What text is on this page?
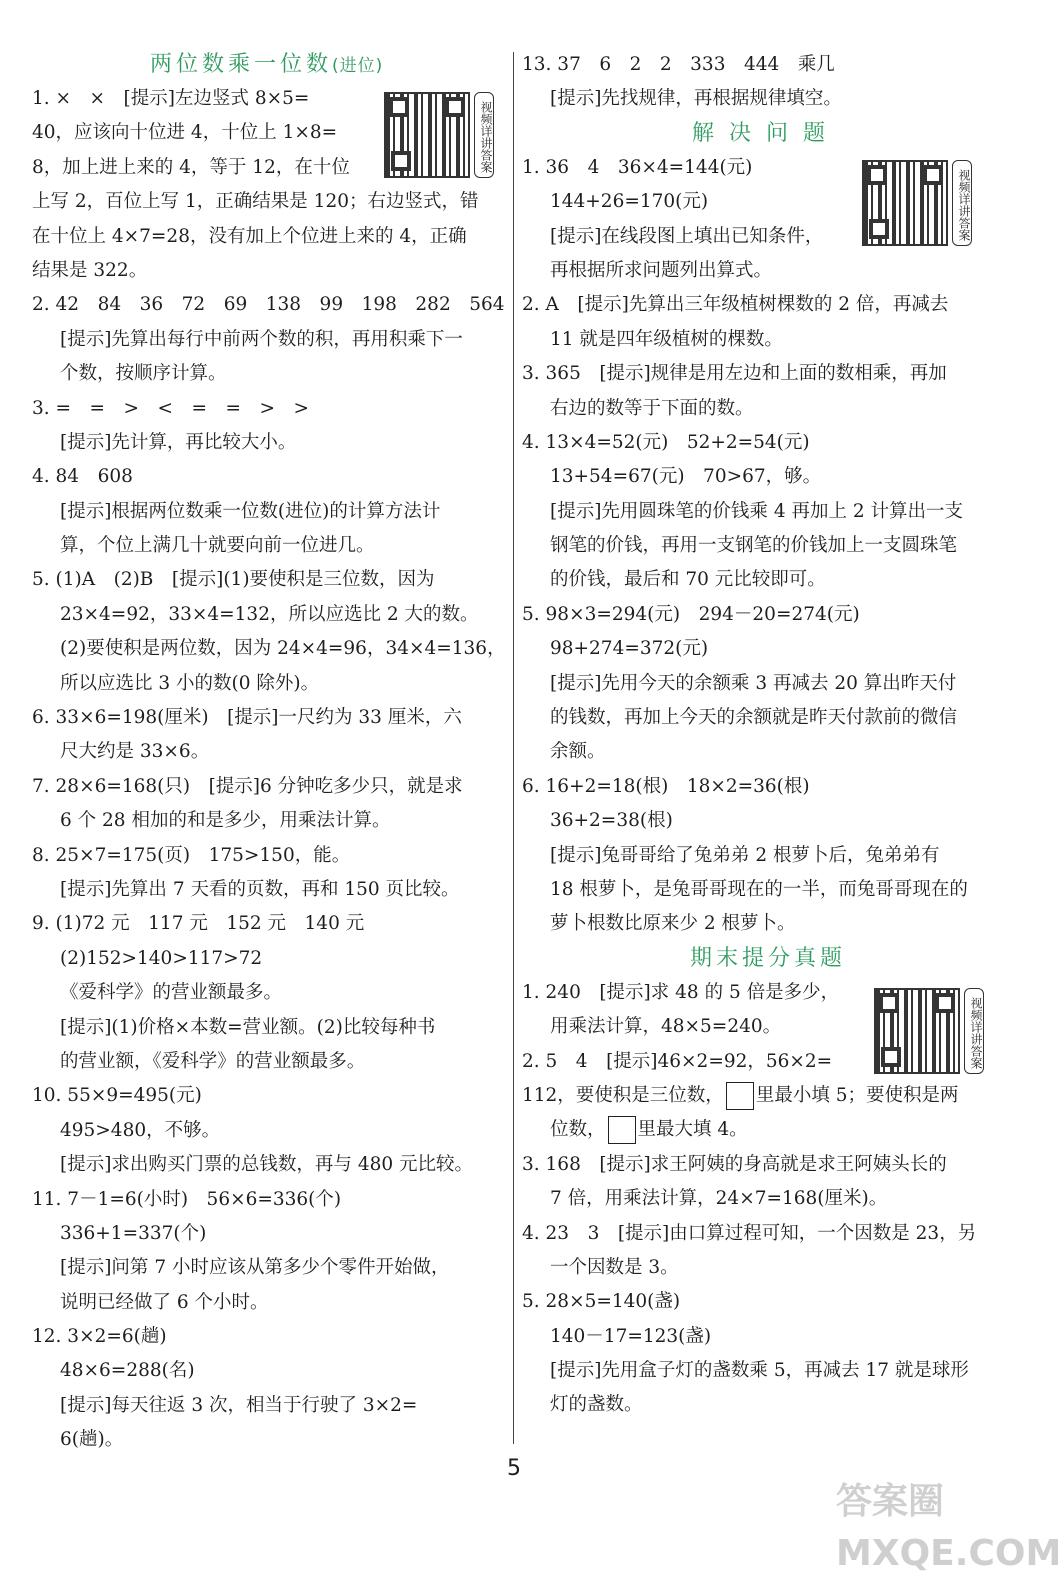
两位数乘一位数(进位)
1. ×　×　[提示]左边竖式 8×5=
40，应该向十位进 4，十位上 1×8=
8，加上进上来的 4，等于 12，在十位
上写 2，百位上写 1，正确结果是 120；右边竖式，错
在十位上 4×7=28，没有加上个位进上来的 4，正确
结果是 322。
2. 42　84　36　72　69　138　99　198　282　564
[提示]先算出每行中前两个数的积，再用积乘下一
个数，按顺序计算。
3. =　=　>　<　=　=　>　>
[提示]先计算，再比较大小。
4. 84　608
[提示]根据两位数乘一位数(进位)的计算方法计
算，个位上满几十就要向前一位进几。
5. (1)A　(2)B　[提示](1)要使积是三位数，因为
23×4=92，33×4=132，所以应选比 2 大的数。
(2)要使积是两位数，因为 24×4=96，34×4=136，
所以应选比 3 小的数(0 除外)。
6. 33×6=198(厘米)　[提示]一尺约为 33 厘米，六
尺大约是 33×6。
7. 28×6=168(只)　[提示]6 分钟吃多少只，就是求
6 个 28 相加的和是多少，用乘法计算。
8. 25×7=175(页)　175>150，能。
[提示]先算出 7 天看的页数，再和 150 页比较。
9. (1)72 元　117 元　152 元　140 元
(2)152>140>117>72
《爱科学》的营业额最多。
[提示](1)价格×本数=营业额。(2)比较每种书
的营业额，《爱科学》的营业额最多。
10. 55×9=495(元)
495>480，不够。
[提示]求出购买门票的总钱数，再与 480 元比较。
11. 7－1=6(小时)　56×6=336(个)
336+1=337(个)
[提示]问第 7 小时应该从第多少个零件开始做，
说明已经做了 6 个小时。
12. 3×2=6(趟)
48×6=288(名)
[提示]每天往返 3 次，相当于行驶了 3×2=
6(趟)。
视频详讲答案
13. 37　6　2　2　333　444　乘几
[提示]先找规律，再根据规律填空。
解 决 问 题
1. 36　4　36×4=144(元)
144+26=170(元)
[提示]在线段图上填出已知条件，
再根据所求问题列出算式。
2. A　[提示]先算出三年级植树棵数的 2 倍，再减去
11 就是四年级植树的棵数。
3. 365　[提示]规律是用左边和上面的数相乘，再加
右边的数等于下面的数。
4. 13×4=52(元)　52+2=54(元)
13+54=67(元)　70>67，够。
[提示]先用圆珠笔的价钱乘 4 再加上 2 计算出一支
钢笔的价钱，再用一支钢笔的价钱加上一支圆珠笔
的价钱，最后和 70 元比较即可。
5. 98×3=294(元)　294－20=274(元)
98+274=372(元)
[提示]先用今天的余额乘 3 再减去 20 算出昨天付
的钱数，再加上今天的余额就是昨天付款前的微信
余额。
6. 16+2=18(根)　18×2=36(根)
36+2=38(根)
[提示]兔哥哥给了兔弟弟 2 根萝卜后，兔弟弟有
18 根萝卜，是兔哥哥现在的一半，而兔哥哥现在的
萝卜根数比原来少 2 根萝卜。
期末提分真题
1. 240　[提示]求 48 的 5 倍是多少，
用乘法计算，48×5=240。
2. 5　4　[提示]46×2=92，56×2=
112，要使积是三位数， 里最小填 5；要使积是两
位数， 里最大填 4。
3. 168　[提示]求王阿姨的身高就是求王阿姨头长的
7 倍，用乘法计算，24×7=168(厘米)。
4. 23　3　[提示]由口算过程可知，一个因数是 23，另
一个因数是 3。
5. 28×5=140(盏)
140－17=123(盏)
[提示]先用盒子灯的盏数乘 5，再减去 17 就是球形
灯的盏数。
视频详讲答案
视频详讲答案
5
答案圈 MXQE.COM
